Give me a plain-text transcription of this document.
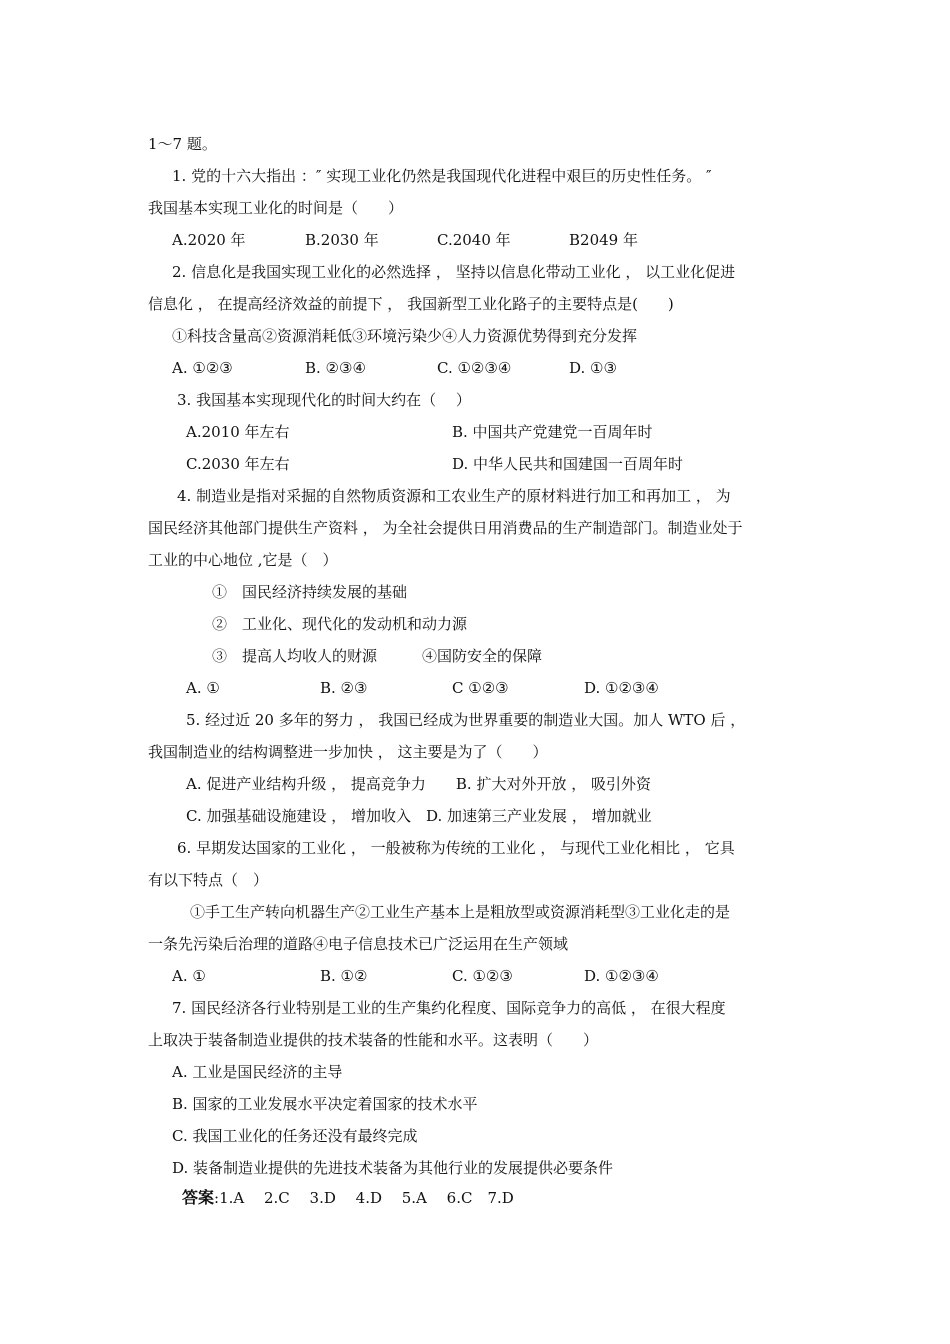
1～7 题。
1. 党的十六大指出 ：″ 实现工业化仍然是我国现代化进程中艰巨的历史性任务。 ″
我国基本实现工业化的时间是（　　）
A.2020 年	B.2030 年	C.2040 年	B2049 年
2. 信息化是我国实现工业化的必然选择 ， 坚持以信息化带动工业化 ， 以工业化促进
信息化 ， 在提高经济效益的前提下 ， 我国新型工业化路子的主要特点是(　　)
①科技含量高②资源消耗低③环境污染少④人力资源优势得到充分发挥
A. ①②③	B. ②③④	C. ①②③④	D. ①③
3. 我国基本实现现代化的时间大约在（　 ）
A.2010 年左右	B. 中国共产党建党一百周年时
C.2030 年左右	D. 中华人民共和国建国一百周年时
4. 制造业是指对采掘的自然物质资源和工农业生产的原材料进行加工和再加工 ， 为
国民经济其他部门提供生产资料 ， 为全社会提供日用消费品的生产制造部门。制造业处于
工业的中心地位 ,它是（　）
①　国民经济持续发展的基础
②　工业化、现代化的发动机和动力源
③　提高人均收人的财源　　　④国防安全的保障
A. ①	B. ②③	C ①②③	D. ①②③④
5. 经过近 20 多年的努力 ， 我国已经成为世界重要的制造业大国。加人 WTO 后 ，
我国制造业的结构调整进一步加快 ， 这主要是为了（　　）
A. 促进产业结构升级 ， 提高竞争力　　B. 扩大对外开放 ， 吸引外资
C. 加强基础设施建设 ， 增加收入　D. 加速第三产业发展 ， 增加就业
6. 早期发达国家的工业化 ， 一般被称为传统的工业化 ， 与现代工业化相比 ， 它具
有以下特点（　）
①手工生产转向机器生产②工业生产基本上是粗放型或资源消耗型③工业化走的是
一条先污染后治理的道路④电子信息技术已广泛运用在生产领域
A. ①	B. ①②	C. ①②③	D. ①②③④
7. 国民经济各行业特别是工业的生产集约化程度、国际竞争力的高低 ， 在很大程度
上取决于装备制造业提供的技术装备的性能和水平。这表明（　　）
A. 工业是国民经济的主导
B. 国家的工业发展水平决定着国家的技术水平
C. 我国工业化的任务还没有最终完成
D. 装备制造业提供的先进技术装备为其他行业的发展提供必要条件
答案:1.A　 2.C　 3.D　 4.D　 5.A　 6.C　7.D
